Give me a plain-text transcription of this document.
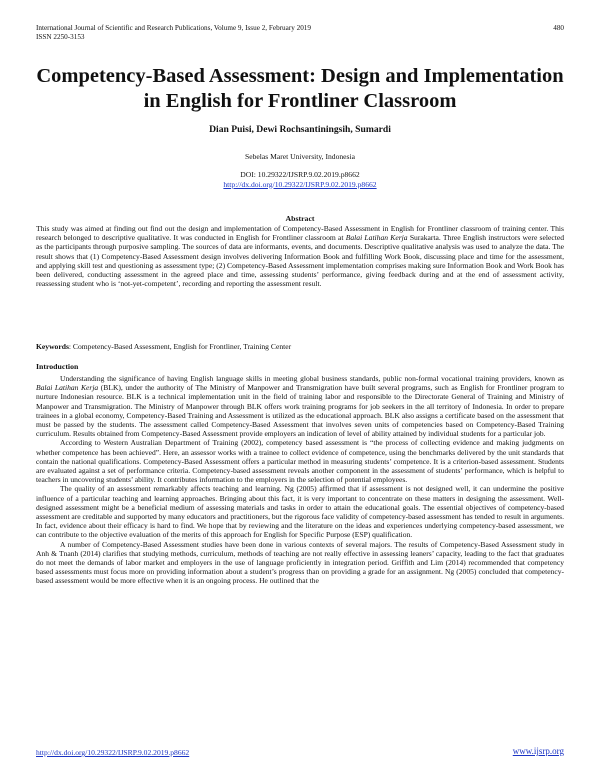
International Journal of Scientific and Research Publications, Volume 9, Issue 2, February 2019
ISSN 2250-3153
480
Competency-Based Assessment: Design and Implementation in English for Frontliner Classroom
Dian Puisi, Dewi Rochsantiningsih, Sumardi
Sebelas Maret University, Indonesia
DOI: 10.29322/IJSRP.9.02.2019.p8662
http://dx.doi.org/10.29322/IJSRP.9.02.2019.p8662
Abstract

This study was aimed at finding out find out the design and implementation of Competency-Based Assessment in English for Frontliner classroom of training center. This research belonged to descriptive qualitative. It was conducted in English for Frontliner classroom at Balai Latihan Kerja Surakarta. Three English instructors were selected as the participants through purposive sampling. The sources of data are informants, events, and documents. Descriptive qualitative analysis was used to analyze the data. The result shows that (1) Competency-Based Assessment design involves delivering Information Book and fulfilling Work Book, discussing place and time for the assessment, and applying skill test and questioning as assessment type; (2) Competency-Based Assessment implementation comprises making sure Information Book and Work Book has been delivered, conducting assessment in the agreed place and time, assessing students’ performance, giving feedback during and at the end of assessment activity, reassessing student who is ‘not-yet-competent’, recording and reporting the assessment result.

Keywords: Competency-Based Assessment, English for Frontliner, Training Center

Introduction

Understanding the significance of having English language skills in meeting global business standards, public non-formal vocational training providers, known as Balai Latihan Kerja (BLK), under the authority of The Ministry of Manpower and Transmigration have built several programs, such as English for Frontliner program to nurture Indonesian resource. BLK is a technical implementation unit in the field of training labor and responsible to the Directorate General of Training and Ministry of Manpower and Transmigration. The Ministry of Manpower through BLK offers work training programs for job seekers in the all territory of Indonesia. In order to prepare trainees in a global economy, Competency-Based Training and Assessment is utilized as the educational approach. BLK also assigns a certificate based on the assessment that must be passed by the students. The assessment called Competency-Based Assessment that involves seven units of competencies based on Competency-Based Training curriculum. Results obtained from Competency-Based Assessment provide employers an indication of level of ability attained by individual students for a particular job.

According to Western Australian Department of Training (2002), competency based assessment is “the process of collecting evidence and making judgments on whether competence has been achieved”. Here, an assessor works with a trainee to collect evidence of competence, using the benchmarks delivered by the unit standards that contain the national qualifications. Competency-Based Assessment offers a particular method in measuring students’ competence. It is a criterion-based assessment. Students are evaluated against a set of performance criteria. Competency-based assessment reveals another component in the assessment of students’ performance, which is helpful to teachers in uncovering students’ ability. It contributes information to the employers in the selection of potential employees.

The quality of an assessment remarkably affects teaching and learning. Ng (2005) affirmed that if assessment is not designed well, it can undermine the positive influence of a particular teaching and learning approaches. Bringing about this fact, it is very important to concentrate on these matters in designing the assessment. Well-designed assessment might be a beneficial medium of assessing materials and tasks in order to attain the educational goals. The essential objectives of competency-based assessment are creditable and supported by many educators and practitioners, but the rigorous face validity of competency-based assessment has tended to result in arguments. In fact, evidence about their efficacy is hard to find. We hope that by reviewing and the literature on the ideas and experiences underlying competency-based assessment, we can contribute to the objective evaluation of the merits of this approach for English for Specific Purpose (ESP) qualification.

A number of Competency-Based Assessment studies have been done in various contexts of several majors. The results of Competency-Based Assessment study in Anh & Tnanh (2014) clarifies that studying methods, curriculum, methods of teaching are not really effective in assessing leaners’ capacity, leading to the fact that graduates do not meet the demands of labor market and employers in the use of language proficiently in integration period. Griffith and Lim (2014) recommended that competency based assessments must focus more on providing information about a student’s progress than on providing a grade for an assignment. Ng (2005) concluded that competency-based assessment would be more effective when it is an ongoing process. He outlined that the

http://dx.doi.org/10.29322/IJSRP.9.02.2019.p8662	www.ijsrp.org
